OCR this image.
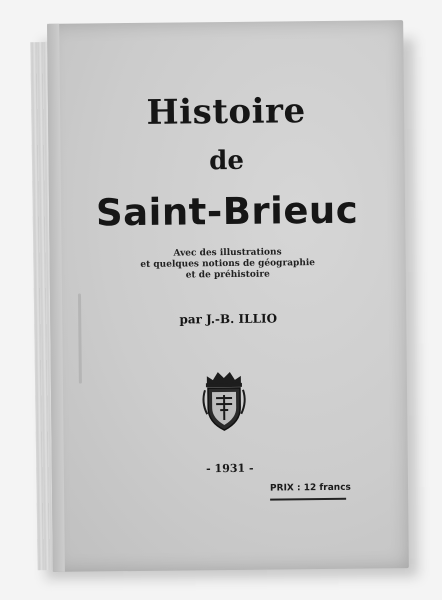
Histoire
de
Saint-Brieuc
Avec des illustrations
et quelques notions de géographie
et de préhistoire
par J.-B. ILLIO
- 1931 -
PRIX : 12 francs
